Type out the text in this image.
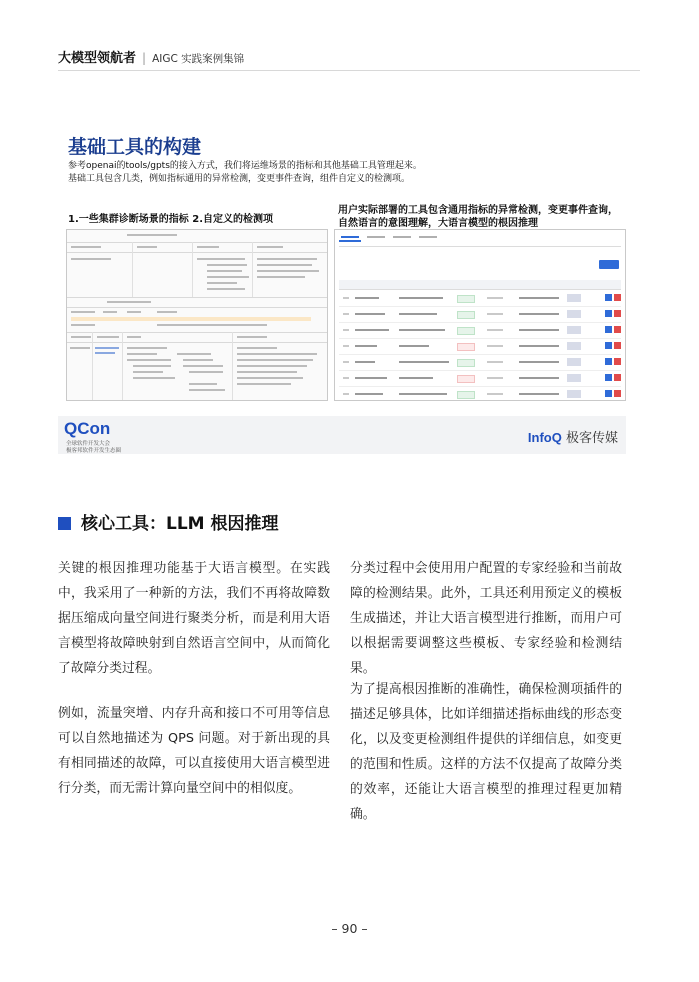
大模型领航者 | AIGC 实践案例集锦
基础工具的构建
参考openai的tools/gpts的接入方式，我们将运维场景的指标和其他基础工具管理起来。
基础工具包含几类，例如指标通用的异常检测，变更事件查询，组件自定义的检测项。
1.一些集群诊断场景的指标 2.自定义的检测项
用户实际部署的工具包含通用指标的异常检测，变更事件查询，自然语言的意图理解，大语言模型的根因推理
QCon
全球软件开发大会
极客邦软件开发生态圈
InfoQ 极客传媒
核心工具：LLM 根因推理

关键的根因推理功能基于大语言模型。在实践中，我采用了一种新的方法，我们不再将故障数据压缩成向量空间进行聚类分析，而是利用大语言模型将故障映射到自然语言空间中，从而简化了故障分类过程。

例如，流量突增、内存升高和接口不可用等信息可以自然地描述为 QPS 问题。对于新出现的具有相同描述的故障，可以直接使用大语言模型进行分类，而无需计算向量空间中的相似度。

分类过程中会使用用户配置的专家经验和当前故障的检测结果。此外，工具还利用预定义的模板生成描述，并让大语言模型进行推断，而用户可以根据需要调整这些模板、专家经验和检测结果。

为了提高根因推断的准确性，确保检测项插件的描述足够具体，比如详细描述指标曲线的形态变化，以及变更检测组件提供的详细信息，如变更的范围和性质。这样的方法不仅提高了故障分类的效率，还能让大语言模型的推理过程更加精确。

– 90 –
